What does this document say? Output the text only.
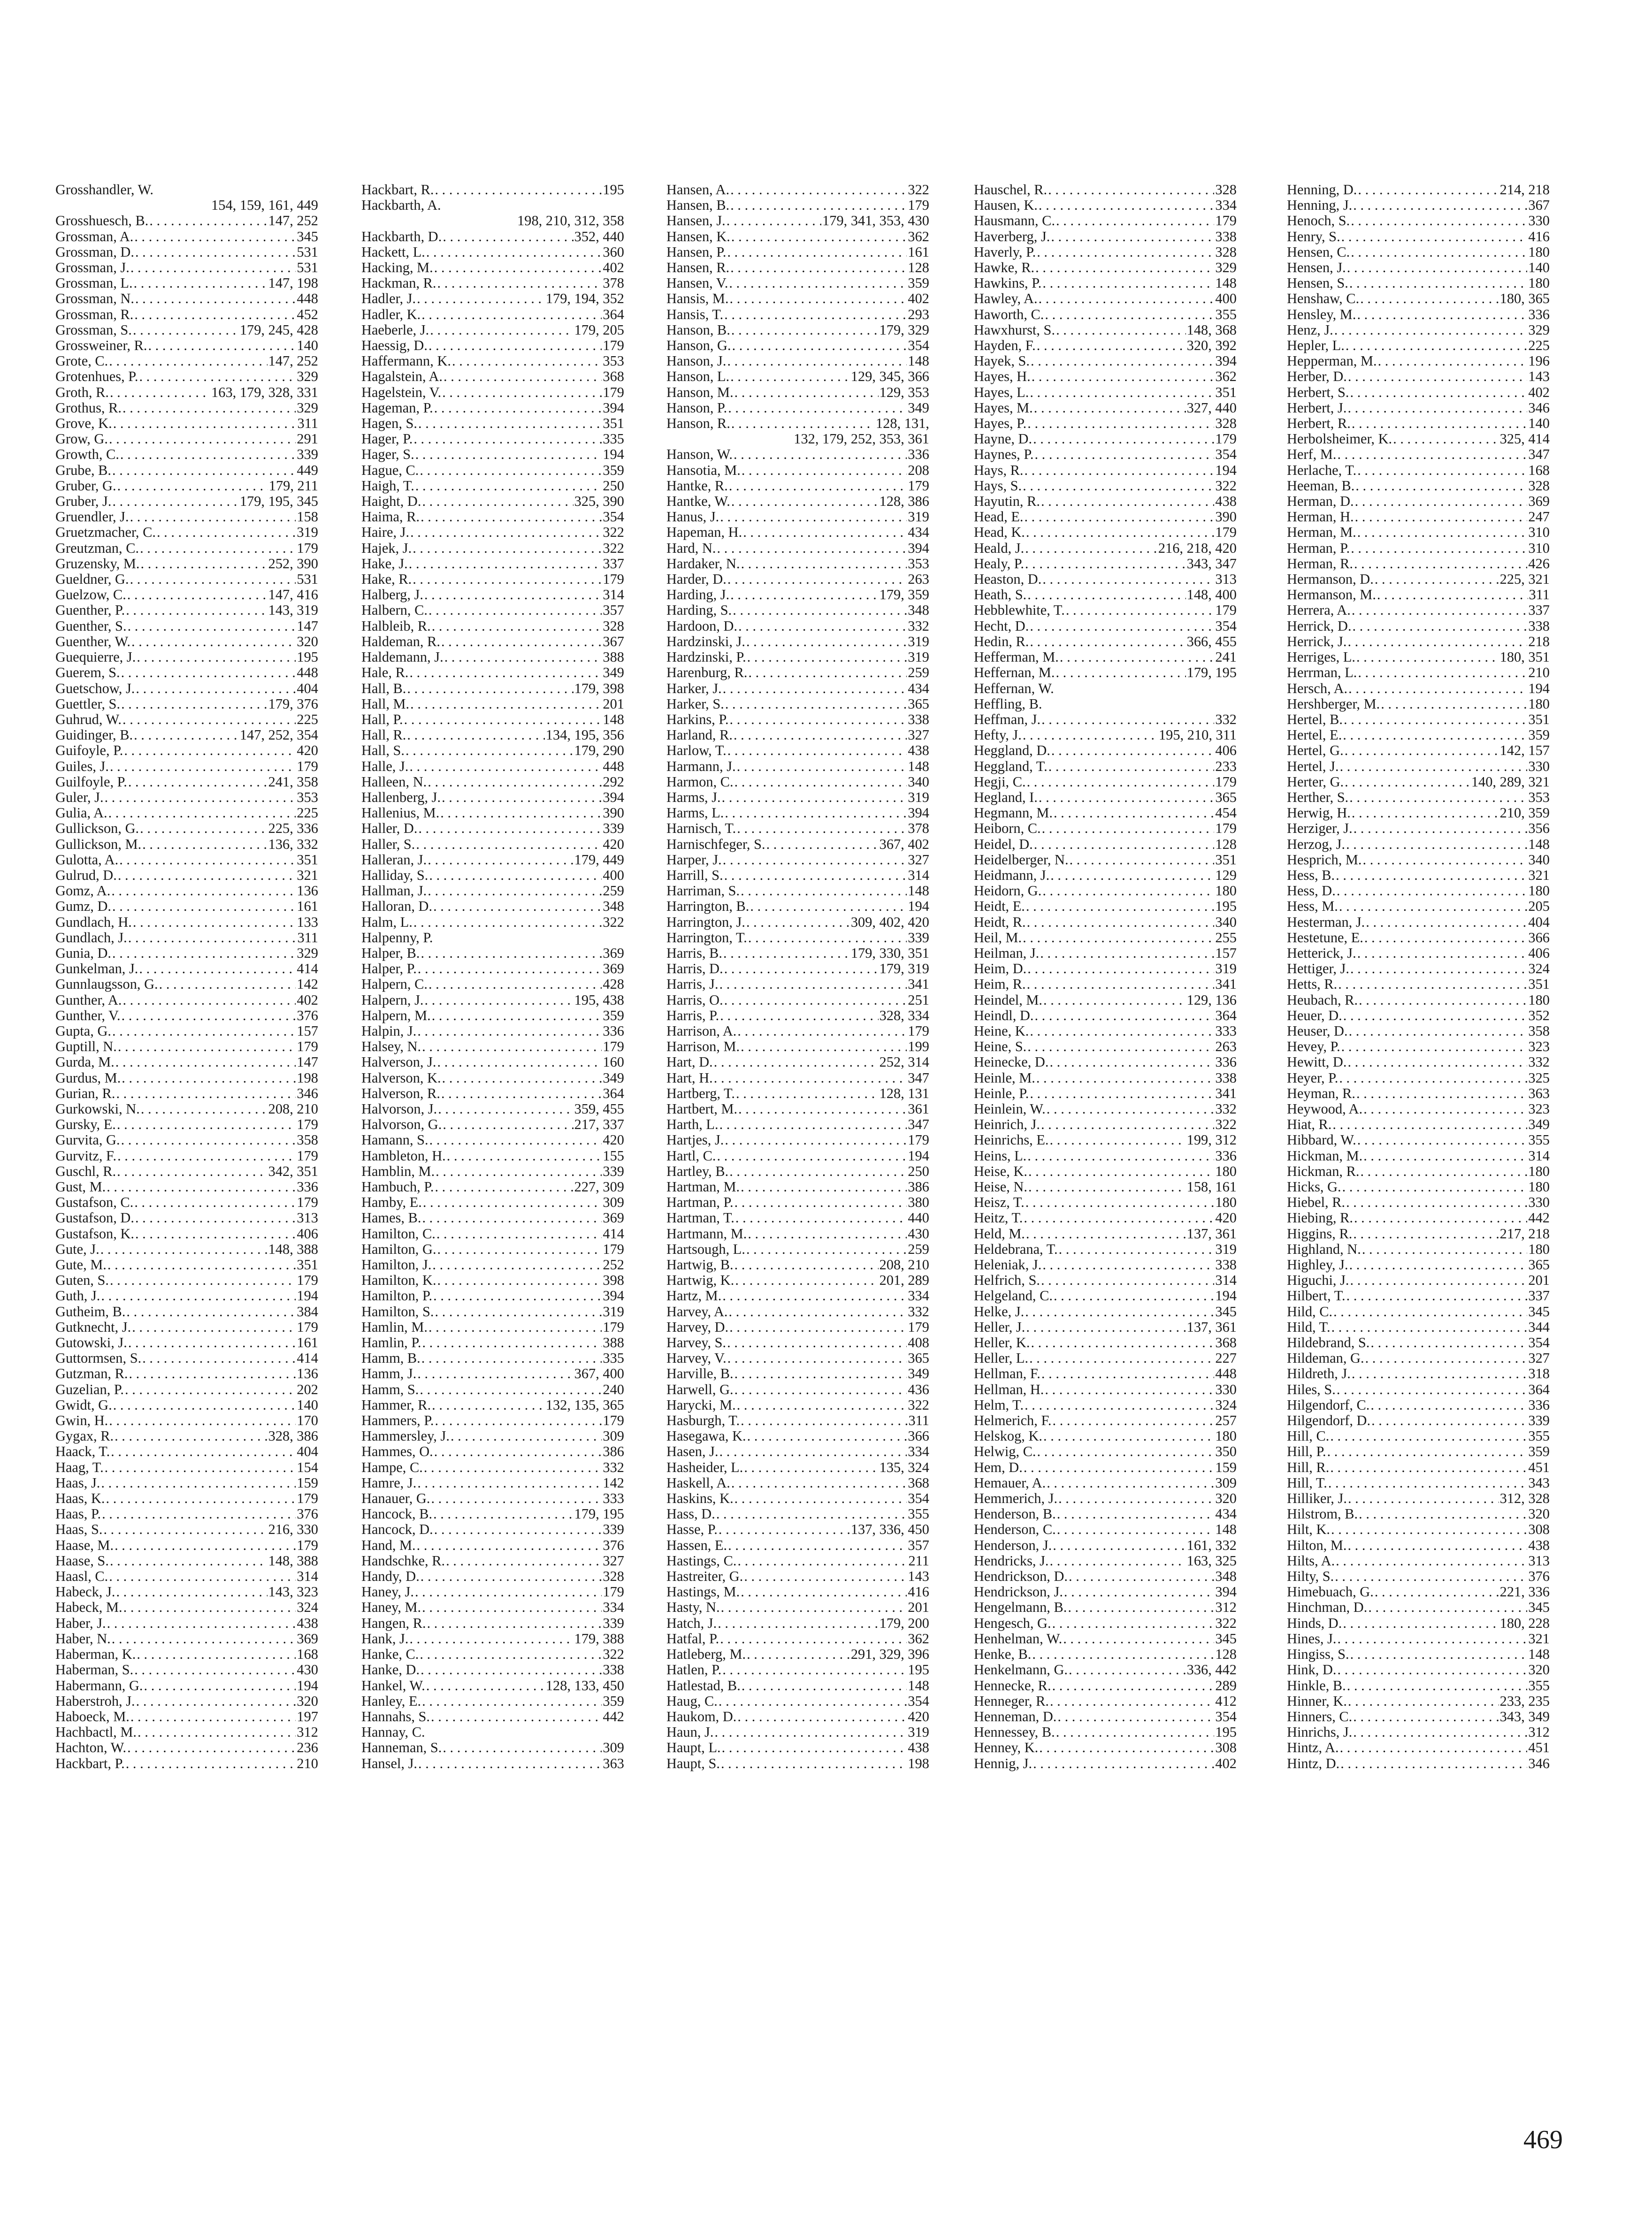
Grosshandler, W.
154, 159, 161, 449
Grosshuesch, B. . . .	147, 252
Grossman, A. . . .	345
Grossman, D. . . .	531
Grossman, J. . . .	531
Grossman, L. . . .	147, 198
Grossman, N. . . .	448
Grossman, R. . . .	452
Grossman, S. . . .	179, 245, 428
Grossweiner, R. . . .	140
Grote, C. . . .	147, 252
Grotenhues, P. . . .	329
Groth, R. . . .	163, 179, 328, 331
Grothus, R. . . .	329
Grove, K. . . .	311
Grow, G. . . .	291
Growth, C. . . .	339
Grube, B. . . .	449
Gruber, G. . . .	179, 211
Gruber, J. . . .	179, 195, 345
Gruendler, J. . . .	158
Gruetzmacher, C. . . .	319
Greutzman, C. . . .	179
Gruzensky, M. . . .	252, 390
Gueldner, G. . . .	531
Guelzow, C. . . .	147, 416
Guenther, P. . . .	143, 319
Guenther, S. . . .	147
Guenther, W. . . .	320
Guequierre, J. . . .	195
Guerem, S. . . .	448
Guetschow, J. . . .	404
Guettler, S. . . .	179, 376
Guhrud, W. . . .	225
Guidinger, B. . . .	147, 252, 354
Guifoyle, P. . . .	420
Guiles, J. . . .	179
Guilfoyle, P. . . .	241, 358
Guler, J. . . .	353
Gulia, A. . . .	225
Gullickson, G. . . .	225, 336
Gullickson, M. . . .	136, 332
Gulotta, A. . . .	351
Gulrud, D. . . .	321
Gomz, A. . . .	136
Gumz, D. . . .	161
Gundlach, H. . . .	133
Gundlach, J. . . .	311
Gunia, D. . . .	329
Gunkelman, J. . . .	414
Gunnlaugsson, G. . . .	142
Gunther, A. . . .	402
Gunther, V. . . .	376
Gupta, G. . . .	157
Guptill, N. . . .	179
Gurda, M. . . .	147
Gurdus, M. . . .	198
Gurian, R. . . .	346
Gurkowski, N. . . .	208, 210
Gursky, E. . . .	179
Gurvita, G. . . .	358
Gurvitz, F. . . .	179
Guschl, R. . . .	342, 351
Gust, M. . . .	336
Gustafson, C. . . .	179
Gustafson, D. . . .	313
Gustafson, K. . . .	406
Gute, J. . . .	148, 388
Gute, M. . . .	351
Guten, S. . . .	179
Guth, J. . . .	194
Gutheim, B. . . .	384
Gutknecht, J. . . .	179
Gutowski, J. . . .	161
Guttormsen, S. . . .	414
Gutzman, R. . . .	136
Guzelian, P. . . .	202
Gwidt, G. . . .	140
Gwin, H. . . .	170
Gygax, R. . . .	328, 386
Haack, T. . . .	404
Haag, T. . . .	154
Haas, J. . . .	159
Haas, K. . . .	179
Haas, P. . . .	376
Haas, S. . . .	216, 330
Haase, M. . . .	179
Haase, S. . . .	148, 388
Haasl, C. . . .	314
Habeck, J. . . .	143, 323
Habeck, M. . . .	324
Haber, J. . . .	438
Haber, N. . . .	369
Haberman, K. . . .	168
Haberman, S. . . .	430
Habermann, G. . . .	194
Haberstroh, J. . . .	320
Haboeck, M. . . .	197
Hachbactl, M. . . .	312
Hachton, W. . . .	236
Hackbart, P. . . .	210
Hackbart, R. . . .	195
Hackbarth, A.
198, 210, 312, 358
Hackbarth, D. . . .	352, 440
Hackett, L. . . .	360
Hacking, M. . . .	402
Hackman, R. . . .	378
Hadler, J. . . .	179, 194, 352
Hadler, K. . . .	364
Haeberle, J. . . .	179, 205
Haessig, D. . . .	179
Haffermann, K. . . .	353
Hagalstein, A. . . .	368
Hagelstein, V. . . .	179
Hageman, P. . . .	394
Hagen, S. . . .	351
Hager, P. . . .	335
Hager, S. . . .	194
Hague, C. . . .	359
Haigh, T. . . .	250
Haight, D. . . .	325, 390
Haima, R. . . .	354
Haire, J. . . .	322
Hajek, J. . . .	322
Hake, J. . . .	337
Hake, R. . . .	179
Halberg, J. . . .	314
Halbern, C. . . .	357
Halbleib, R. . . .	328
Haldeman, R. . . .	367
Haldemann, J. . . .	388
Hale, R. . . .	349
Hall, B. . . .	179, 398
Hall, M. . . .	201
Hall, P. . . .	148
Hall, R. . . .	134, 195, 356
Hall, S. . . .	179, 290
Halle, J. . . .	448
Halleen, N. . . .	292
Hallenberg, J. . . .	394
Hallenius, M. . . .	390
Haller, D. . . .	339
Haller, S. . . .	420
Halleran, J. . . .	179, 449
Halliday, S. . . .	400
Hallman, J. . . .	259
Halloran, D. . . .	348
Halm, L. . . .	322
Halpenny, P.
Halper, B. . . .	369
Halper, P. . . .	369
Halpern, C. . . .	428
Halpern, J. . . .	195, 438
Halpern, M. . . .	359
Halpin, J. . . .	336
Halsey, N. . . .	179
Halverson, J. . . .	160
Halverson, K. . . .	349
Halverson, R. . . .	364
Halvorson, J. . . .	359, 455
Halvorson, G. . . .	217, 337
Hamann, S. . . .	420
Hambleton, H. . . .	155
Hamblin, M. . . .	339
Hambuch, P. . . .	227, 309
Hamby, E. . . .	309
Hames, B. . . .	369
Hamilton, C. . . .	414
Hamilton, G. . . .	179
Hamilton, J. . . .	252
Hamilton, K. . . .	398
Hamilton, P. . . .	394
Hamilton, S. . . .	319
Hamlin, M. . . .	179
Hamlin, P. . . .	388
Hamm, B. . . .	335
Hamm, J. . . .	367, 400
Hamm, S. . . .	240
Hammer, R. . . .	132, 135, 365
Hammers, P. . . .	179
Hammersley, J. . . .	309
Hammes, O. . . .	386
Hampe, C. . . .	332
Hamre, J. . . .	142
Hanauer, G. . . .	333
Hancock, B. . . .	179, 195
Hancock, D. . . .	339
Hand, M. . . .	376
Handschke, R. . . .	327
Handy, D. . . .	328
Haney, J. . . .	179
Haney, M. . . .	334
Hangen, R. . . .	339
Hank, J. . . .	179, 388
Hanke, C. . . .	322
Hanke, D. . . .	338
Hankel, W. . . .	128, 133, 450
Hanley, E. . . .	359
Hannahs, S. . . .	442
Hannay, C.
Hanneman, S. . . .	309
Hansel, J. . . .	363
Hansen, A. . . .	322
Hansen, B. . . .	179
Hansen, J. . . .	179, 341, 353, 430
Hansen, K. . . .	362
Hansen, P. . . .	161
Hansen, R. . . .	128
Hansen, V. . . .	359
Hansis, M. . . .	402
Hansis, T. . . .	293
Hanson, B. . . .	179, 329
Hanson, G. . . .	354
Hanson, J. . . .	148
Hanson, L. . . .	129, 345, 366
Hanson, M. . . .	129, 353
Hanson, P. . . .	349
Hanson, R. . . .	128, 131,
132, 179, 252, 353, 361
Hanson, W. . . .	336
Hansotia, M. . . .	208
Hantke, R. . . .	179
Hantke, W. . . .	128, 386
Hanus, J. . . .	319
Hapeman, H. . . .	434
Hard, N. . . .	394
Hardaker, N. . . .	353
Harder, D. . . .	263
Harding, J. . . .	179, 359
Harding, S. . . .	348
Hardoon, D. . . .	332
Hardzinski, J. . . .	319
Hardzinski, P. . . .	319
Harenburg, R. . . .	259
Harker, J. . . .	434
Harker, S. . . .	365
Harkins, P. . . .	338
Harland, R. . . .	327
Harlow, T. . . .	438
Harmann, J. . . .	148
Harmon, C. . . .	340
Harms, J. . . .	319
Harms, L. . . .	394
Harnisch, T. . . .	378
Harnischfeger, S. . . .	367, 402
Harper, J. . . .	327
Harrill, S. . . .	314
Harriman, S. . . .	148
Harrington, B. . . .	194
Harrington, J. . . .	309, 402, 420
Harrington, T. . . .	339
Harris, B. . . .	179, 330, 351
Harris, D. . . .	179, 319
Harris, J. . . .	341
Harris, O. . . .	251
Harris, P. . . .	328, 334
Harrison, A. . . .	179
Harrison, M. . . .	199
Hart, D. . . .	252, 314
Hart, H. . . .	347
Hartberg, T. . . .	128, 131
Hartbert, M. . . .	361
Harth, L. . . .	347
Hartjes, J. . . .	179
Hartl, C. . . .	194
Hartley, B. . . .	250
Hartman, M. . . .	386
Hartman, P. . . .	380
Hartman, T. . . .	440
Hartmann, M. . . .	430
Hartsough, L. . . .	259
Hartwig, B. . . .	208, 210
Hartwig, K. . . .	201, 289
Hartz, M. . . .	334
Harvey, A. . . .	332
Harvey, D. . . .	179
Harvey, S. . . .	408
Harvey, V. . . .	365
Harville, B. . . .	349
Harwell, G. . . .	436
Harycki, M. . . .	322
Hasburgh, T. . . .	311
Hasegawa, K. . . .	366
Hasen, J. . . .	334
Hasheider, L. . . .	135, 324
Haskell, A. . . .	368
Haskins, K. . . .	354
Hass, D. . . .	355
Hasse, P. . . .	137, 336, 450
Hassen, E. . . .	357
Hastings, C. . . .	211
Hastreiter, G. . . .	143
Hastings, M. . . .	416
Hasty, N. . . .	201
Hatch, J. . . .	179, 200
Hatfal, P. . . .	362
Hatleberg, M. . . .	291, 329, 396
Hatlen, P. . . .	195
Hatlestad, B. . . .	148
Haug, C. . . .	354
Haukom, D. . . .	420
Haun, J. . . .	319
Haupt, L. . . .	438
Haupt, S. . . .	198
Hauschel, R. . . .	328
Hausen, K. . . .	334
Hausmann, C. . . .	179
Haverberg, J. . . .	338
Haverly, P. . . .	328
Hawke, R. . . .	329
Hawkins, P. . . .	148
Hawley, A. . . .	400
Haworth, C. . . .	355
Hawxhurst, S. . . .	148, 368
Hayden, F. . . .	320, 392
Hayek, S. . . .	394
Hayes, H. . . .	362
Hayes, L. . . .	351
Hayes, M. . . .	327, 440
Hayes, P. . . .	328
Hayne, D. . . .	179
Haynes, P. . . .	354
Hays, R. . . .	194
Hays, S. . . .	322
Hayutin, R. . . .	438
Head, E. . . .	390
Head, K. . . .	179
Heald, J. . . .	216, 218, 420
Healy, P. . . .	343, 347
Heaston, D. . . .	313
Heath, S. . . .	148, 400
Hebblewhite, T. . . .	179
Hecht, D. . . .	354
Hedin, R. . . .	366, 455
Hefferman, M. . . .	241
Heffernan, M. . . .	179, 195
Heffernan, W.
Heffling, B.
Heffman, J. . . .	332
Hefty, J. . . .	195, 210, 311
Heggland, D. . . .	406
Heggland, T. . . .	233
Hegji, C. . . .	179
Hegland, I. . . .	365
Hegmann, M. . . .	454
Heiborn, C. . . .	179
Heidel, D. . . .	128
Heidelberger, N. . . .	351
Heidmann, J. . . .	129
Heidorn, G. . . .	180
Heidt, E. . . .	195
Heidt, R. . . .	340
Heil, M. . . .	255
Heilman, J. . . .	157
Heim, D. . . .	319
Heim, R. . . .	341
Heindel, M. . . .	129, 136
Heindl, D. . . .	364
Heine, K. . . .	333
Heine, S. . . .	263
Heinecke, D. . . .	336
Heinle, M. . . .	338
Heinle, P. . . .	341
Heinlein, W. . . .	332
Heinrich, J. . . .	322
Heinrichs, E. . . .	199, 312
Heins, L. . . .	336
Heise, K. . . .	180
Heise, N. . . .	158, 161
Heisz, T. . . .	180
Heitz, T. . . .	420
Held, M. . . .	137, 361
Heldebrana, T. . . .	319
Heleniak, J. . . .	338
Helfrich, S. . . .	314
Helgeland, C. . . .	194
Helke, J. . . .	345
Heller, J. . . .	137, 361
Heller, K. . . .	368
Heller, L. . . .	227
Hellman, F. . . .	448
Hellman, H. . . .	330
Helm, T. . . .	324
Helmerich, F. . . .	257
Helskog, K. . . .	180
Helwig, C. . . .	350
Hem, D. . . .	159
Hemauer, A. . . .	309
Hemmerich, J. . . .	320
Henderson, B. . . .	434
Henderson, C. . . .	148
Henderson, J. . . .	161, 332
Hendricks, J. . . .	163, 325
Hendrickson, D. . . .	348
Hendrickson, J. . . .	394
Hengelmann, B. . . .	312
Hengesch, G. . . .	322
Henhelman, W. . . .	345
Henke, B. . . .	128
Henkelmann, G. . . .	336, 442
Hennecke, R. . . .	289
Henneger, R. . . .	412
Henneman, D. . . .	354
Hennessey, B. . . .	195
Henney, K. . . .	308
Hennig, J. . . .	402
Henning, D. . . .	214, 218
Henning, J. . . .	367
Henoch, S. . . .	330
Henry, S. . . .	416
Hensen, C. . . .	180
Hensen, J. . . .	140
Hensen, S. . . .	180
Henshaw, C. . . .	180, 365
Hensley, M. . . .	336
Henz, J. . . .	329
Hepler, L. . . .	225
Hepperman, M. . . .	196
Herber, D. . . .	143
Herbert, S. . . .	402
Herbert, J. . . .	346
Herbert, R. . . .	140
Herbolsheimer, K. . . .	325, 414
Herf, M. . . .	347
Herlache, T. . . .	168
Heeman, B. . . .	328
Herman, D. . . .	369
Herman, H. . . .	247
Herman, M. . . .	310
Herman, P. . . .	310
Herman, R. . . .	426
Hermanson, D. . . .	225, 321
Hermanson, M. . . .	311
Herrera, A. . . .	337
Herrick, D. . . .	338
Herrick, J. . . .	218
Herriges, L. . . .	180, 351
Herrman, L. . . .	210
Hersch, A. . . .	194
Hershberger, M. . . .	180
Hertel, B. . . .	351
Hertel, E. . . .	359
Hertel, G. . . .	142, 157
Hertel, J. . . .	330
Herter, G. . . .	140, 289, 321
Herther, S. . . .	353
Herwig, H. . . .	210, 359
Herziger, J. . . .	356
Herzog, J. . . .	148
Hesprich, M. . . .	340
Hess, B. . . .	321
Hess, D. . . .	180
Hess, M. . . .	205
Hesterman, J. . . .	404
Hestetune, E. . . .	366
Hetterick, J. . . .	406
Hettiger, J. . . .	324
Hetts, R. . . .	351
Heubach, R. . . .	180
Heuer, D. . . .	352
Heuser, D. . . .	358
Hevey, P. . . .	323
Hewitt, D. . . .	332
Heyer, P. . . .	325
Heyman, R. . . .	363
Heywood, A. . . .	323
Hiat, R. . . .	349
Hibbard, W. . . .	355
Hickman, M. . . .	314
Hickman, R. . . .	180
Hicks, G. . . .	180
Hiebel, R. . . .	330
Hiebing, R. . . .	442
Higgins, R. . . .	217, 218
Highland, N. . . .	180
Highley, J. . . .	365
Higuchi, J. . . .	201
Hilbert, T. . . .	337
Hild, C. . . .	345
Hild, T. . . .	344
Hildebrand, S. . . .	354
Hildeman, G. . . .	327
Hildreth, J. . . .	318
Hiles, S. . . .	364
Hilgendorf, C. . . .	336
Hilgendorf, D. . . .	339
Hill, C. . . .	355
Hill, P. . . .	359
Hill, R. . . .	451
Hill, T. . . .	343
Hilliker, J. . . .	312, 328
Hilstrom, B. . . .	320
Hilt, K. . . .	308
Hilton, M. . . .	438
Hilts, A. . . .	313
Hilty, S. . . .	376
Himebuach, G. . . .	221, 336
Hinchman, D. . . .	345
Hinds, D. . . .	180, 228
Hines, J. . . .	321
Hingiss, S. . . .	148
Hink, D. . . .	320
Hinkle, B. . . .	355
Hinner, K. . . .	233, 235
Hinners, C. . . .	343, 349
Hinrichs, J. . . .	312
Hintz, A. . . .	451
Hintz, D. . . .	346
469
